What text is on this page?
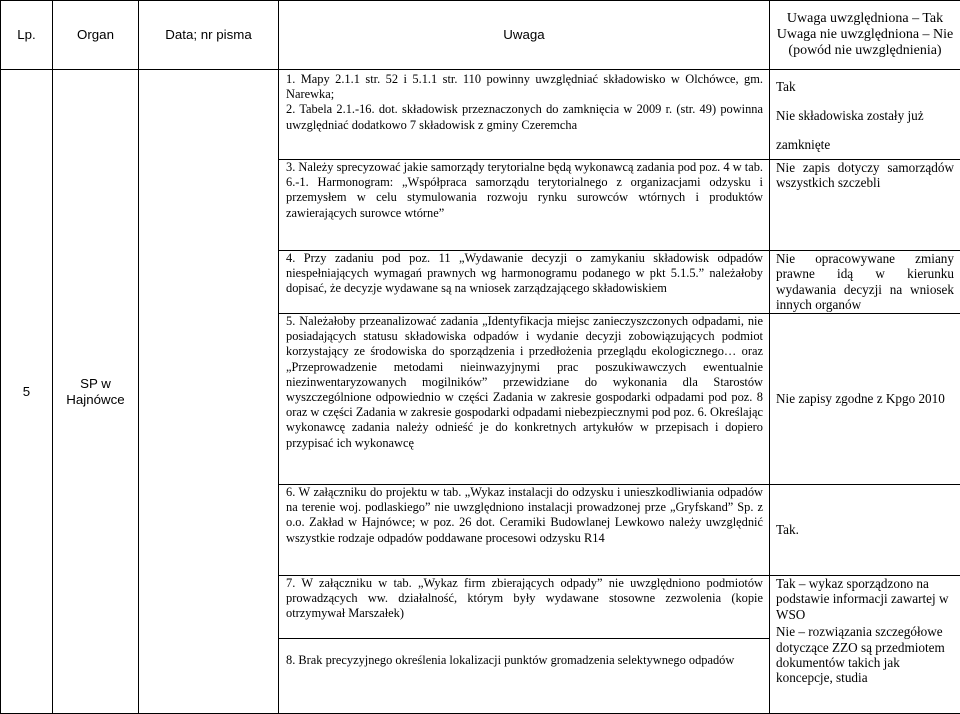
Lp.	Organ	Data; nr pisma	Uwaga	Uwaga uwzględniona – Tak Uwaga nie uwzględniona – Nie (powód nie uwzględnienia)
5	SP w Hajnówce		1. Mapy 2.1.1 str. 52 i 5.1.1 str. 110 powinny uwzględniać składowisko w Olchówce, gm. Narewka;
2. Tabela 2.1.-16. dot. składowisk przeznaczonych do zamknięcia w 2009 r. (str. 49) powinna uwzględniać dodatkowo 7 składowisk z gminy Czeremcha	Tak
Nie składowiska zostały już zamknięte

			3. Należy sprecyzować jakie samorządy terytorialne będą wykonawcą zadania pod poz. 4 w tab. 6.-1. Harmonogram: „Współpraca samorządu terytorialnego z organizacjami odzysku i przemysłem w celu stymulowania rozwoju rynku surowców wtórnych i produktów zawierających surowce wtórne”	Nie zapis dotyczy samorządów wszystkich szczebli

			4. Przy zadaniu pod poz. 11 „Wydawanie decyzji o zamykaniu składowisk odpadów niespełniających wymagań prawnych wg harmonogramu podanego w pkt 5.1.5.” należałoby dopisać, że decyzje wydawane są na wniosek zarządzającego składowiskiem	Nie opracowywane zmiany prawne idą w kierunku wydawania decyzji na wniosek innych organów

			5. Należałoby przeanalizować zadania „Identyfikacja miejsc zanieczyszczonych odpadami, nie posiadających statusu składowiska odpadów i wydanie decyzji zobowiązujących podmiot korzystający ze środowiska do sporządzenia i przedłożenia przeglądu ekologicznego… oraz „Przeprowadzenie metodami nieinwazyjnymi prac poszukiwawczych ewentualnie niezinwentaryzowanych mogilników” przewidziane do wykonania dla Starostów wyszczególnione odpowiednio w części Zadania w zakresie gospodarki odpadami pod poz. 8 oraz w części Zadania w zakresie gospodarki odpadami niebezpiecznymi pod poz. 6. Określając wykonawcę zadania należy odnieść je do konkretnych artykułów w przepisach i dopiero przypisać ich wykonawcę	Nie zapisy zgodne z Kpgo 2010

			6. W załączniku do projektu w tab. „Wykaz instalacji do odzysku i unieszkodliwiania odpadów na terenie woj. podlaskiego” nie uwzględniono instalacji prowadzonej prze „Gryfskand” Sp. z o.o. Zakład w Hajnówce; w poz. 26 dot. Ceramiki Budowlanej Lewkowo należy uwzględnić wszystkie rodzaje odpadów poddawane procesowi odzysku R14	Tak.

			7. W załączniku w tab. „Wykaz firm zbierających odpady” nie uwzględniono podmiotów prowadzących ww. działalność, którym były wydawane stosowne zezwolenia (kopie otrzymywał Marszałek)	Tak – wykaz sporządzono na podstawie informacji zawartej w WSO
Nie – rozwiązania szczegółowe dotyczące ZZO są przedmiotem dokumentów takich jak koncepcje, studia

			8. Brak precyzyjnego określenia lokalizacji punktów gromadzenia selektywnego odpadów	
